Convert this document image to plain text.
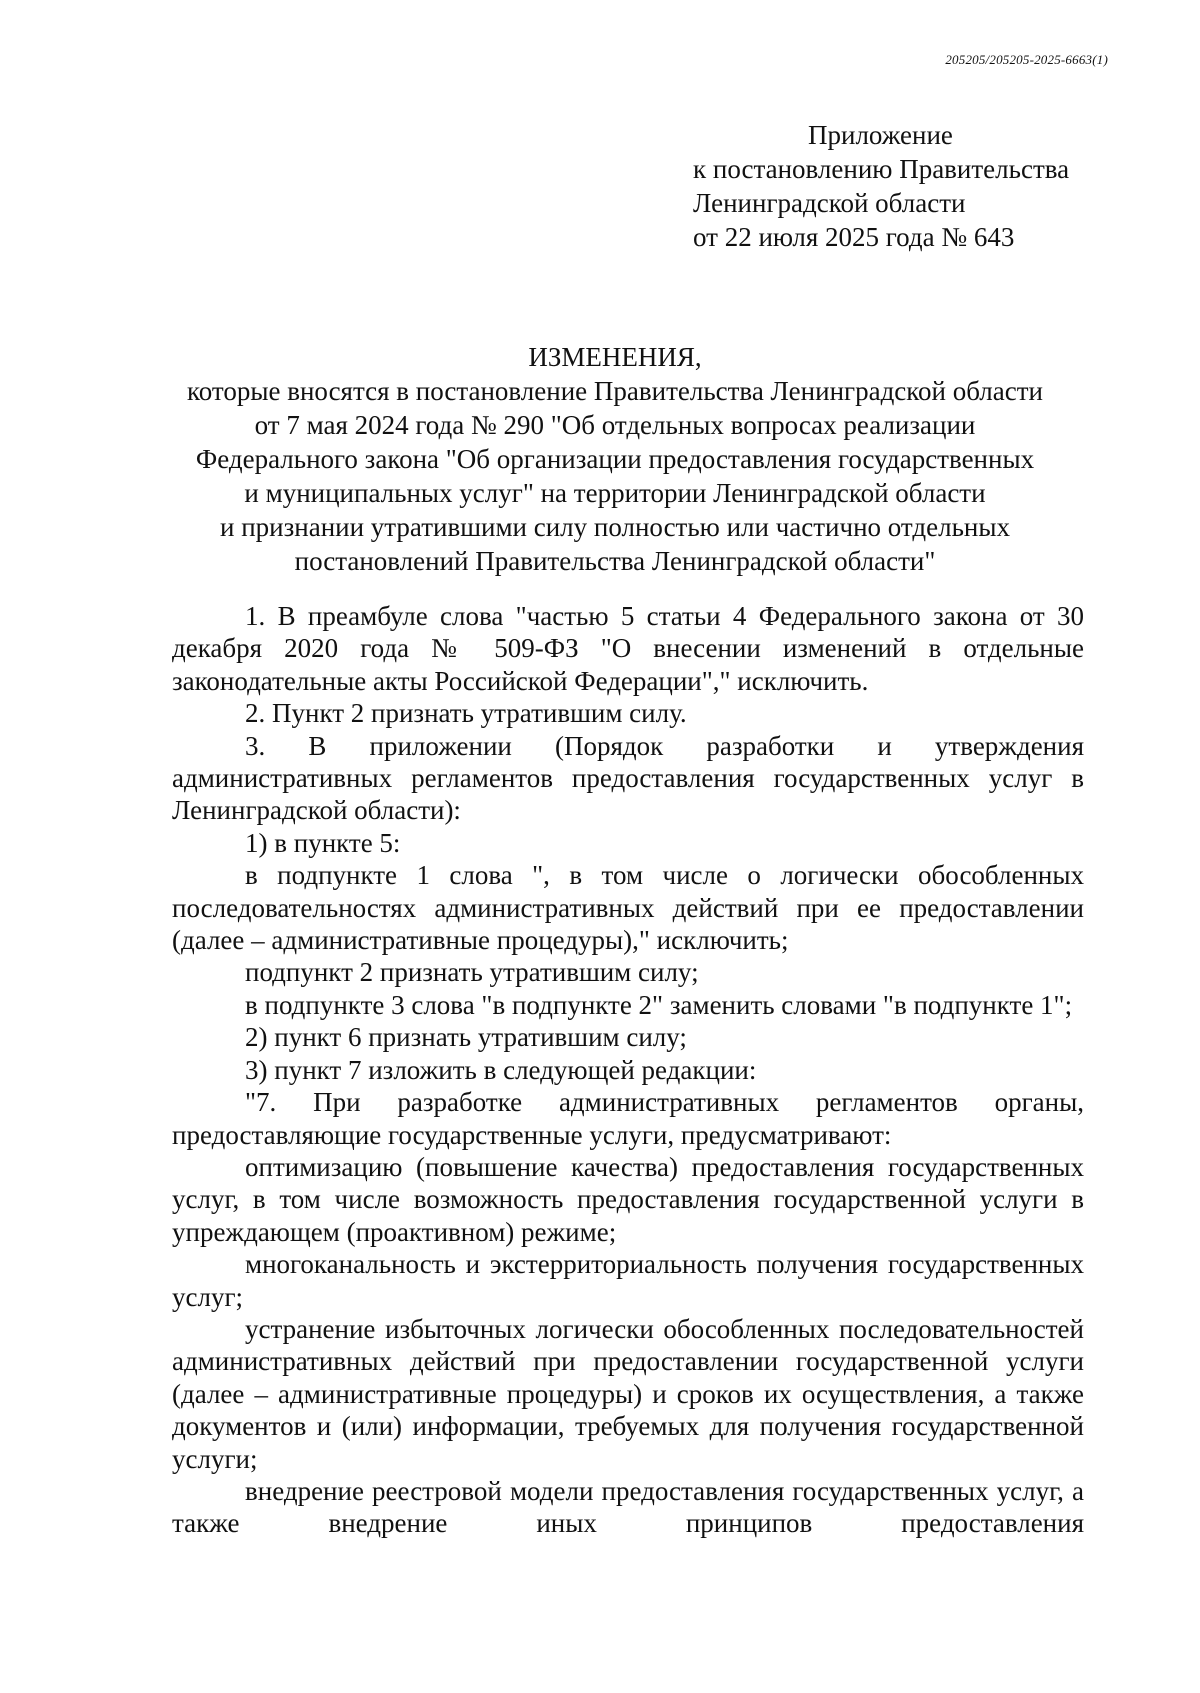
205205/205205-2025-6663(1)
Приложение
к постановлению Правительства
Ленинградской области
от 22 июля 2025 года № 643
ИЗМЕНЕНИЯ,
которые вносятся в постановление Правительства Ленинградской области
от 7 мая 2024 года № 290 "Об отдельных вопросах реализации
Федерального закона "Об организации предоставления государственных
и муниципальных услуг" на территории Ленинградской области
и признании утратившими силу полностью или частично отдельных
постановлений Правительства Ленинградской области"

1. В преамбуле слова "частью 5 статьи 4 Федерального закона от 30 декабря 2020 года № 509-ФЗ "О внесении изменений в отдельные законодательные акты Российской Федерации"," исключить.

2. Пункт 2 признать утратившим силу.

3. В приложении (Порядок разработки и утверждения административных регламентов предоставления государственных услуг в Ленинградской области):

1) в пункте 5:

в подпункте 1 слова ", в том числе о логически обособленных последовательностях административных действий при ее предоставлении (далее – административные процедуры)," исключить;

подпункт 2 признать утратившим силу;

в подпункте 3 слова "в подпункте 2" заменить словами "в подпункте 1";

2) пункт 6 признать утратившим силу;

3) пункт 7 изложить в следующей редакции:

"7. При разработке административных регламентов органы, предоставляющие государственные услуги, предусматривают:

оптимизацию (повышение качества) предоставления государственных услуг, в том числе возможность предоставления государственной услуги в упреждающем (проактивном) режиме;

многоканальность и экстерриториальность получения государственных услуг;

устранение избыточных логически обособленных последовательностей административных действий при предоставлении государственной услуги (далее – административные процедуры) и сроков их осуществления, а также документов и (или) информации, требуемых для получения государственной услуги;

внедрение реестровой модели предоставления государственных услуг, а также внедрение иных принципов предоставления
